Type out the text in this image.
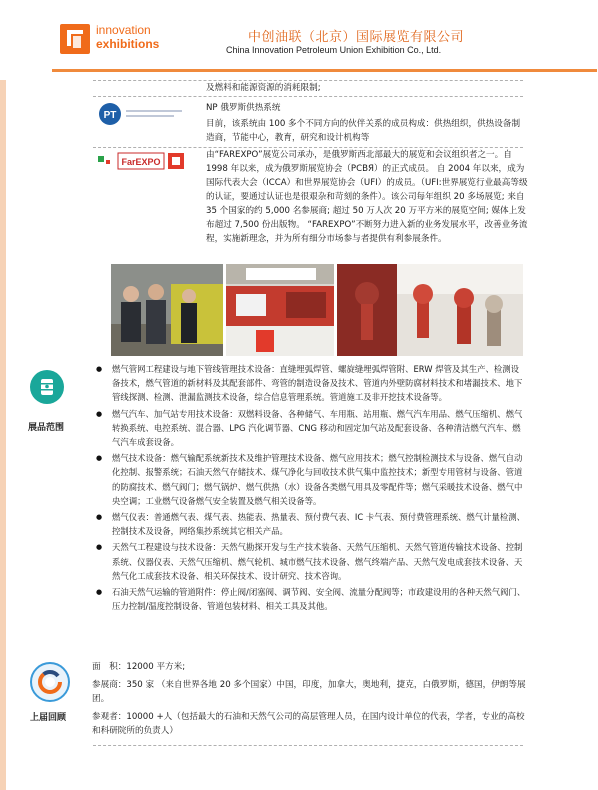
innovation
exhibitions	中创油联（北京）国际展览有限公司
China Innovation Petroleum Union Exhibition Co., Ltd.
及燃料和能源资源的消耗限制;
PT
NP 俄罗斯供热系统
目前，该系统由 100 多个不同方向的伙伴关系的成员构成：供热组织，供热设备制造商，节能中心，教育，研究和设计机构等
FarEXPO
由“FAREXPO”展览公司承办，是俄罗斯西北部最大的展览和会议组织者之一。自 1998 年以来，成为俄罗斯展览协会（PCBЯ）的正式成员。 自 2004 年以来，成为国际代表大会（ICCA）和世界展览协会（UFI）的成员。（UFI:世界展览行业最高等级的认证，要通过认证也是很艰杂和苛刻的条件）。该公司每年组织 20 多场展览; 来自 35 个国家的约 5,000 名参展商; 超过 50 万人次 20 万平方米的展览空间; 媒体上发布超过 7,500 份出版物。 “FAREXPO”不断努力进入新的业务发展水平，改善业务流程，实施新理念，并为所有细分市场参与者提供有利参展条件。
展品范围
● 燃气管网工程建设与地下管线管理技术设备：直缝埋弧焊管、螺旋缝埋弧焊管附、ERW 焊管及其生产、检测设备技术，燃气管道的新材料及其配套部件、弯管的制造设备及技术、管道内外壁防腐材料技术和堵漏技术、地下管线探测、检测、泄漏监测技术设备，综合信息管理系统。管道施工及非开挖技术设备等。
● 燃气汽车、加气站专用技术设备：双燃料设备、各种储气、车用瓶、站用瓶、燃气汽车用品、燃气压缩机、燃气转换系统、电控系统、混合器、LPG 汽化调节器、CNG 移动和固定加气站及配套设备、各种清洁燃气汽车、燃气汽车成套设备。
● 燃气技术设备：燃气输配系统新技术及维护管理技术设备、燃气应用技术；燃气控制检测技术与设备、燃气自动化控制、报警系统；石油天然气存储技术、煤气净化与回收技术供气集中监控技术；新型专用管材与设备、管道的防腐技术、燃气阀门；燃气锅炉、燃气供热（水）设备各类燃气用具及零配件等；燃气采暖技术设备、燃气中央空调；工业燃气设备燃气安全装置及燃气相关设备等。
● 燃气仪表：普通燃气表、煤气表、热能表、热量表、预付费气表、IC 卡气表、预付费管理系统、燃气计量检测、控制技术及设备，网络集抄系统其它相关产品。
● 天然气工程建设与技术设备：天然气勘探开发与生产技术装备、天然气压缩机、天然气管道传输技术设备、控制系统、仪器仪表、天然气压缩机、燃气轮机、城市燃气技术设备、燃气终端产品、天然气发电成套技术设备、天然气化工成套技术设备、相关环保技术、设计研究、技术咨询。
● 石油天然气运输的管道附件：停止阀/闭塞阀、调节阀、安全阀、流量分配阀等；市政建设用的各种天然气阀门、压力控制/温度控制设备、管道包装材料、相关工具及其他。
上届回顾
面　积：12000 平方米;
参展商：350 家 （来自世界各地 20 多个国家）中国，印度，加拿大，奥地利，捷克，白俄罗斯，德国，伊朗等展团。
参观者：10000 +人（包括最大的石油和天然气公司的高层管理人员，在国内设计单位的代表，学者，专业的高校和科研院所的负责人）
